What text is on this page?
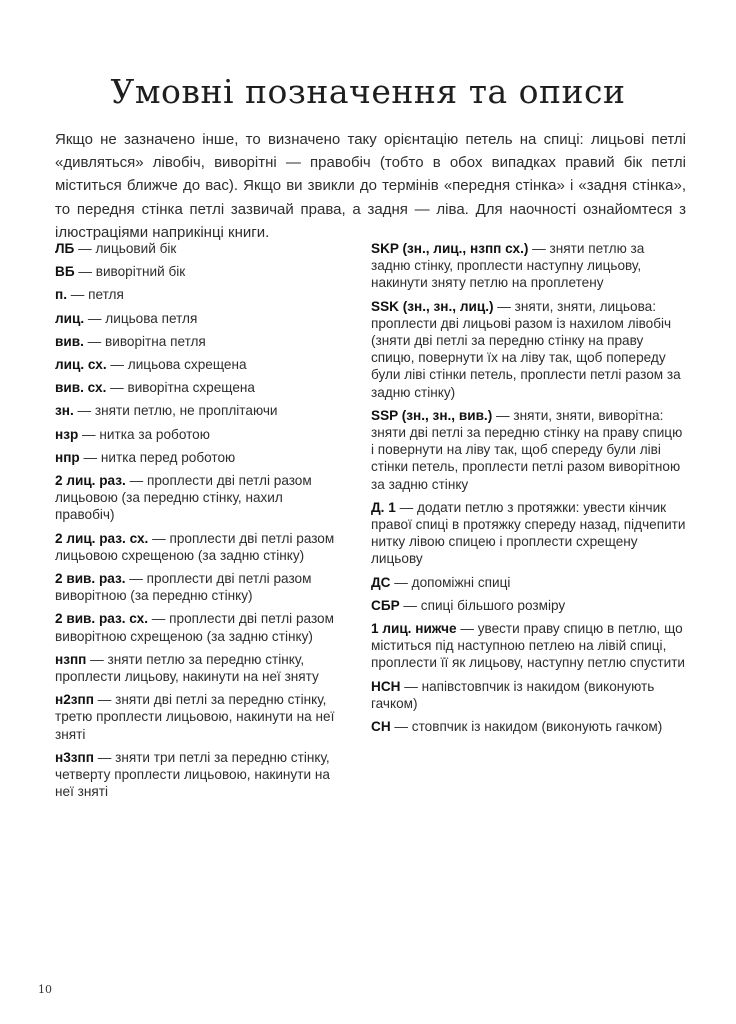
Умовні позначення та описи

Якщо не зазначено інше, то визначено таку орієнтацію петель на спиці: лицьові петлі «дивляться» лівобіч, виворітні — правобіч (тобто в обох випадках правий бік петлі міститься ближче до вас). Якщо ви звикли до термінів «передня стінка» і «задня стінка», то передня стінка петлі зазвичай права, а задня — ліва. Для наочності ознайомтеся з ілюстраціями наприкінці книги.

ЛБ — лицьовий бік

ВБ — виворітний бік

п. — петля

лиц. — лицьова петля

вив. — виворітна петля

лиц. сх. — лицьова схрещена

вив. сх. — виворітна схрещена

зн. — зняти петлю, не проплітаючи

нзр — нитка за роботою

нпр — нитка перед роботою

2 лиц. раз. — проплести дві петлі разом лицьовою (за передню стінку, нахил правобіч)

2 лиц. раз. сх. — проплести дві петлі разом лицьовою схрещеною (за задню стінку)

2 вив. раз. — проплести дві петлі разом виворітною (за передню стінку)

2 вив. раз. сх. — проплести дві петлі разом виворітною схрещеною (за задню стінку)

нзпп — зняти петлю за передню стінку, проплести лицьову, накинути на неї зняту

н2зпп — зняти дві петлі за передню стінку, третю проплести лицьовою, накинути на неї зняті

н3зпп — зняти три петлі за передню стінку, четверту проплести лицьовою, накинути на неї зняті

SKP (зн., лиц., нзпп сх.) — зняти петлю за задню стінку, проплести наступну лицьову, накинути зняту петлю на проплетену

SSK (зн., зн., лиц.) — зняти, зняти, лицьова: проплести дві лицьові разом із нахилом лівобіч (зняти дві петлі за передню стінку на праву спицю, повернути їх на ліву так, щоб попереду були ліві стінки петель, проплести петлі разом за задню стінку)

SSP (зн., зн., вив.) — зняти, зняти, виворітна: зняти дві петлі за передню стінку на праву спицю і повернути на ліву так, щоб спереду були ліві стінки петель, проплести петлі разом виворітною за задню стінку

Д. 1 — додати петлю з протяжки: увести кінчик правої спиці в протяжку спереду назад, підчепити нитку лівою спицею і проплести схрещену лицьову

ДС — допоміжні спиці

СБР — спиці більшого розміру

1 лиц. нижче — увести праву спицю в петлю, що міститься під наступною петлею на лівій спиці, проплести її як лицьову, наступну петлю спустити

НСН — напівстовпчик із накидом (виконують гачком)

СН — стовпчик із накидом (виконують гачком)

10
